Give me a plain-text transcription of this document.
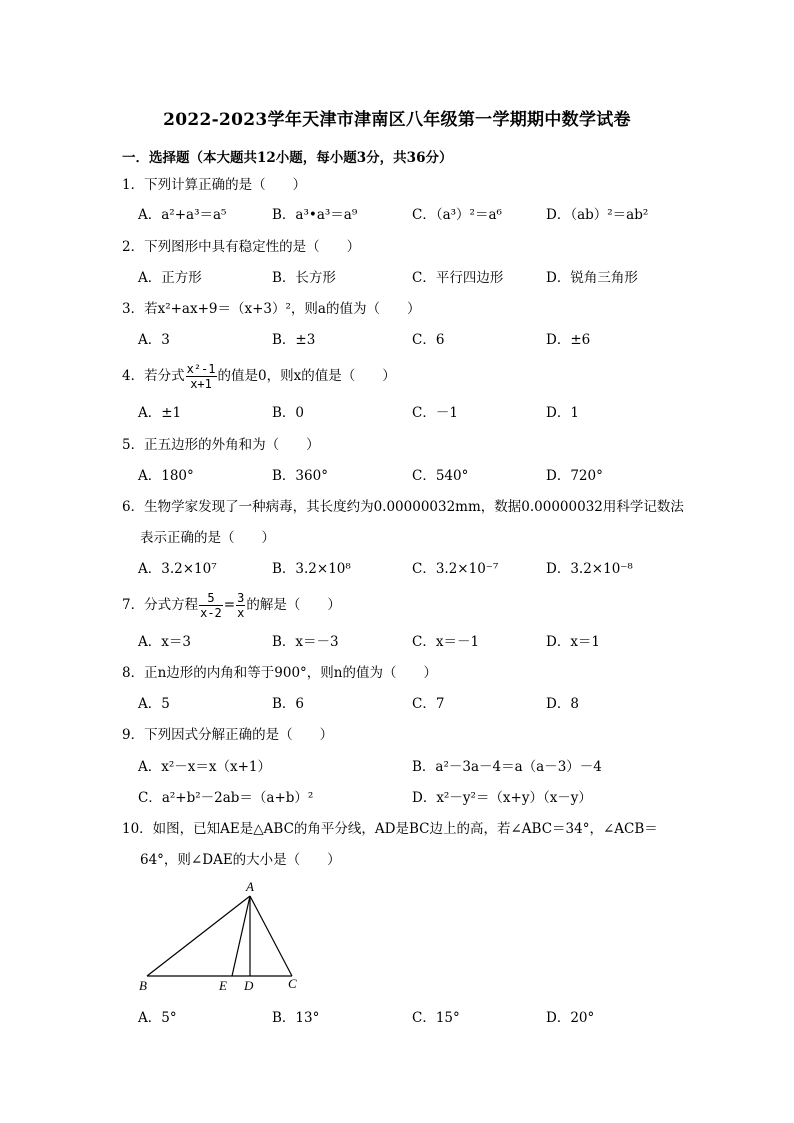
2022-2023学年天津市津南区八年级第一学期期中数学试卷
一．选择题（本大题共12小题，每小题3分，共36分）
1．下列计算正确的是（　　）
A．a²+a³＝a⁵	B．a³•a³＝a⁹	C．（a³）²＝a⁶	D．（ab）²＝ab²
2．下列图形中具有稳定性的是（　　）
A．正方形	B．长方形	C．平行四边形	D．锐角三角形
3．若x²+ax+9＝（x+3）²，则a的值为（　　）
A．3	B．±3	C．6	D．±6
4．若分式 $\frac{\text{x²-1}}{x+1}$ 的值是0，则x的值是（　　）
A．±1	B．0	C．－1	D．1
5．正五边形的外角和为（　　）
A．180°	B．360°	C．540°	D．720°
6．生物学家发现了一种病毒，其长度约为0.00000032mm，数据0.00000032用科学记数法
表示正确的是（　　）
A．3.2×10⁷	B．3.2×10⁸	C．3.2×10⁻⁷	D．3.2×10⁻⁸
7．分式方程 $\frac{5}{x-2} = \frac{3}{x}$ 的解是（　　）
A．x＝3	B．x＝－3	C．x＝－1	D．x＝1
8．正n边形的内角和等于900°，则n的值为（　　）
A．5	B．6	C．7	D．8
9．下列因式分解正确的是（　　）
A．x²－x＝x（x+1）	B．a²－3a－4＝a（a－3）－4
C．a²+b²－2ab＝（a+b）²	D．x²－y²＝（x+y）（x－y）
10．如图，已知AE是△ABC的角平分线，AD是BC边上的高，若∠ABC＝34°，∠ACB＝
64°，则∠DAE的大小是（　　）
A
B	E D	C
A．5°	B．13°	C．15°	D．20°
